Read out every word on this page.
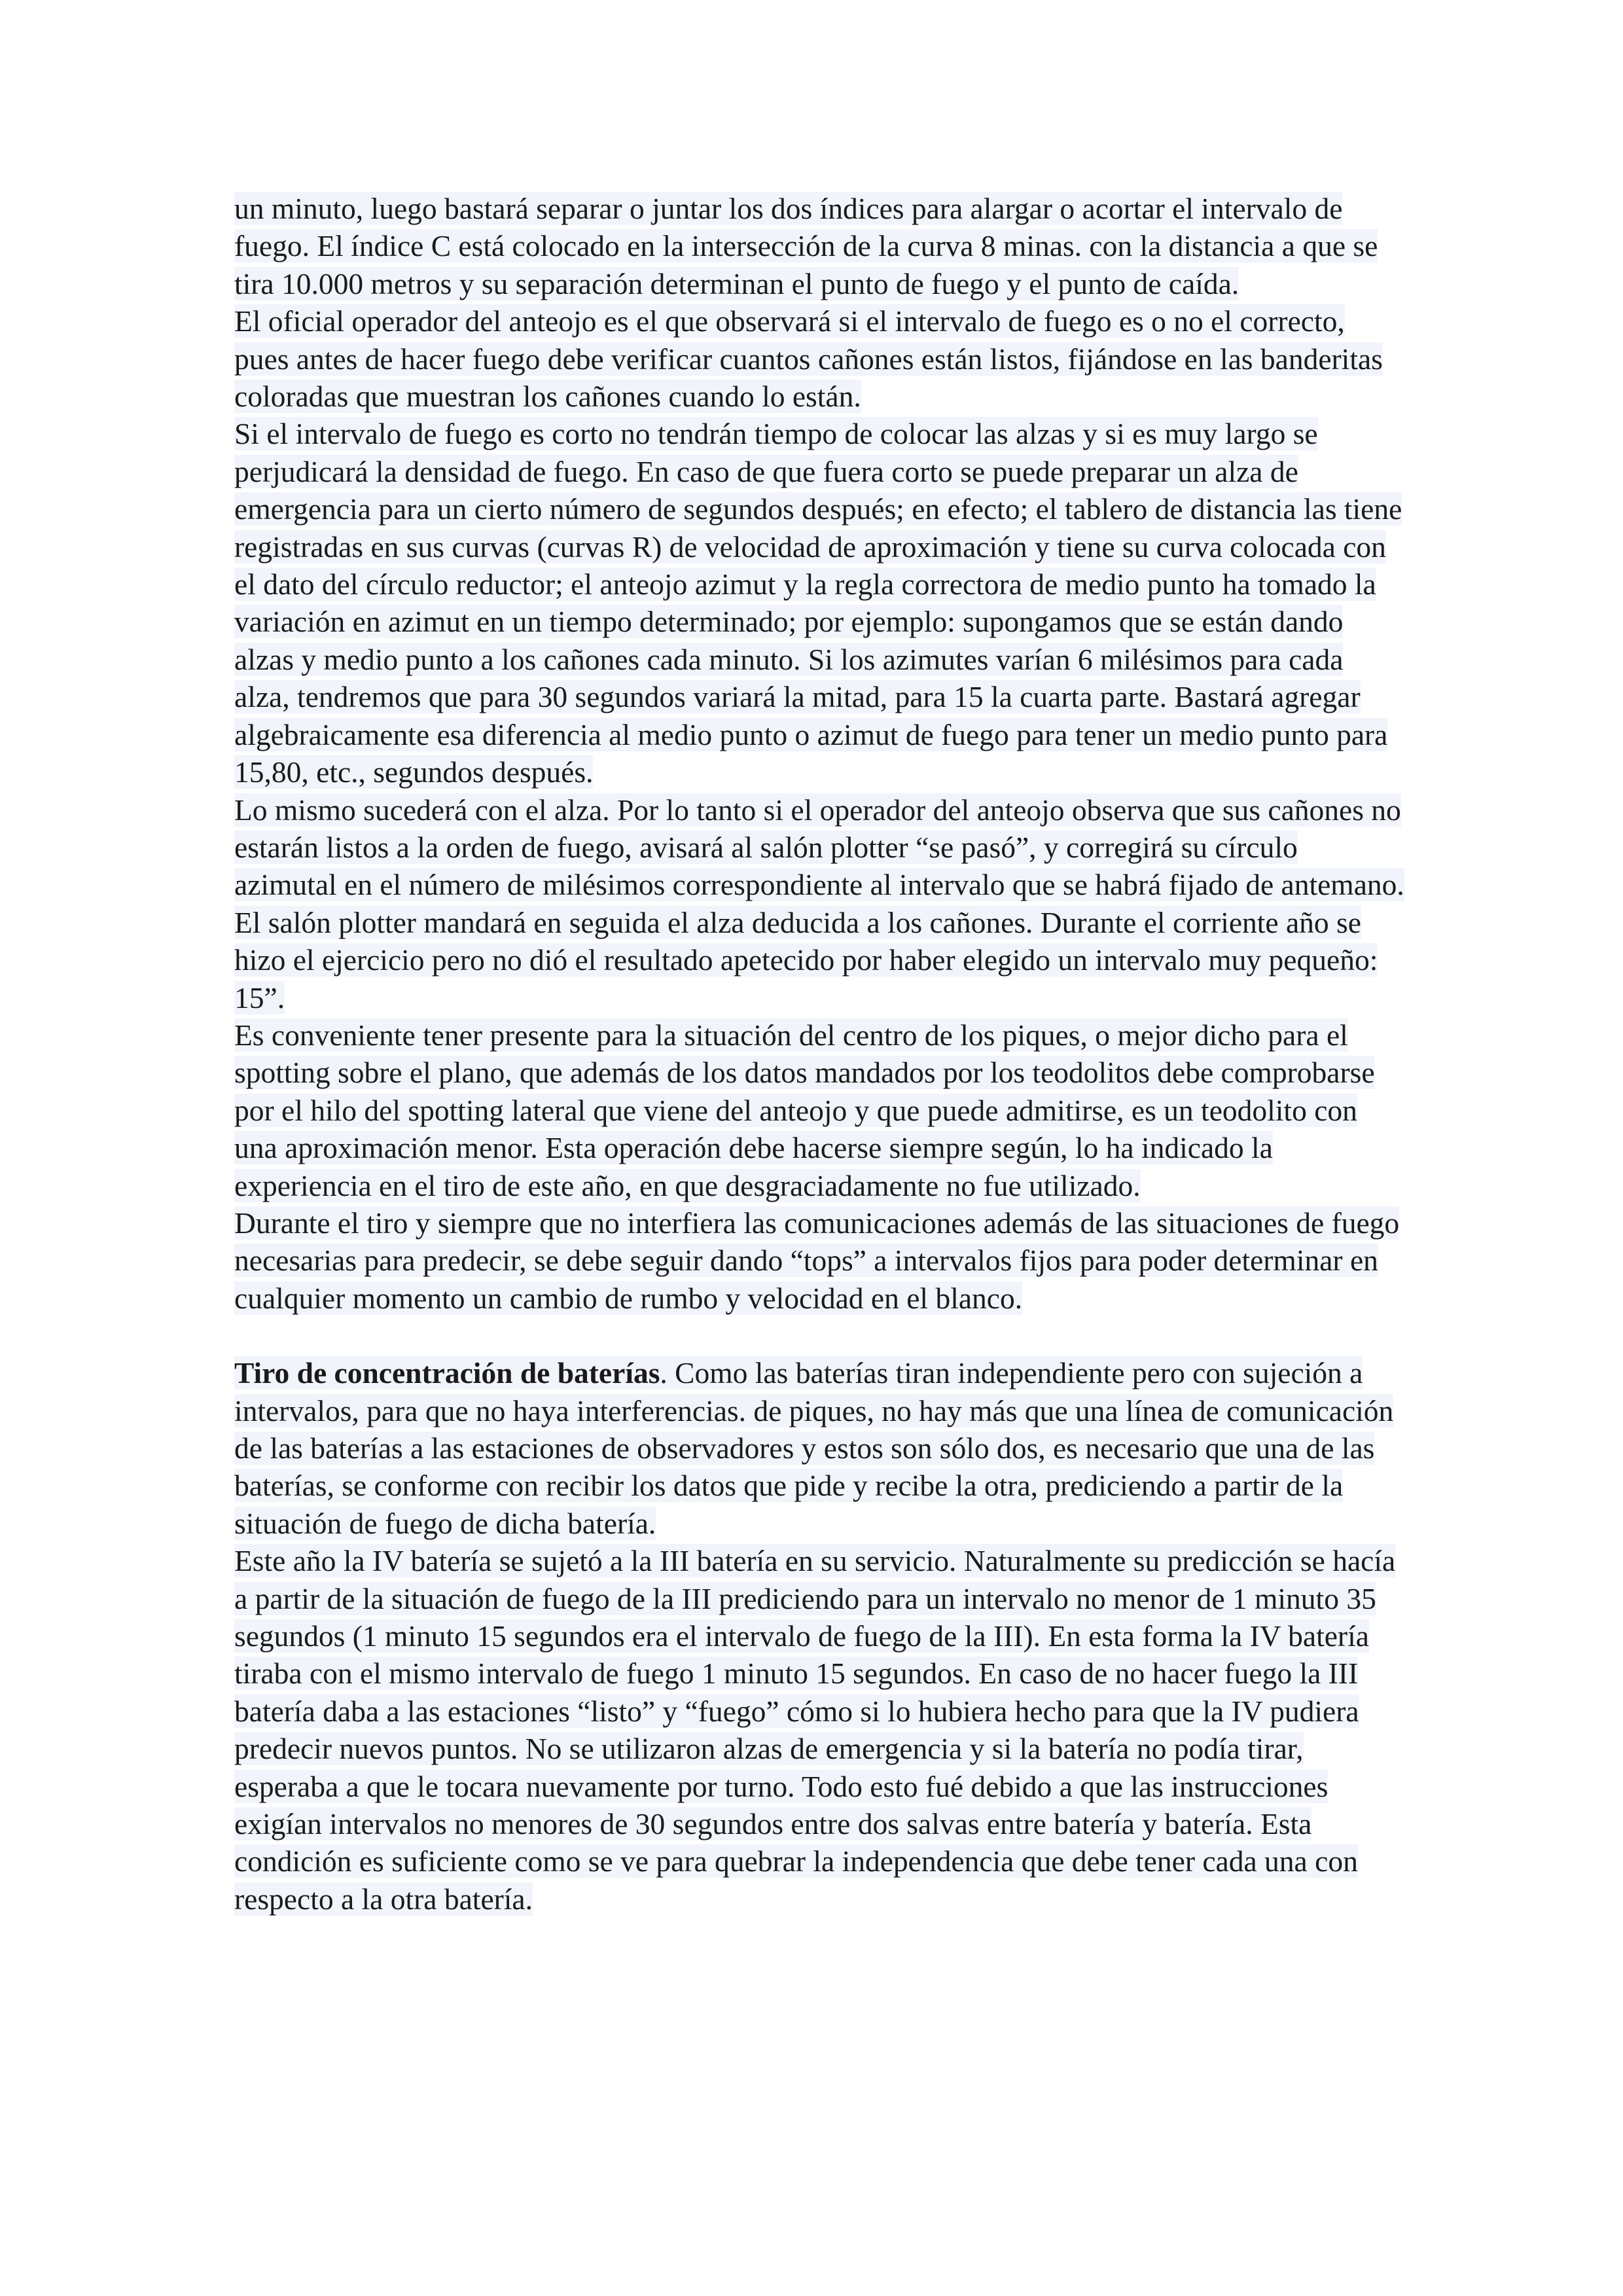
un minuto, luego bastará separar o juntar los dos índices para alargar o acortar el intervalo de fuego. El índice C está colocado en la intersección de la curva 8 minas. con la distancia a que se tira 10.000 metros y su separación determinan el punto de fuego y el punto de caída.

El oficial operador del anteojo es el que observará si el intervalo de fuego es o no el correcto, pues antes de hacer fuego debe verificar cuantos cañones están listos, fijándose en las banderitas coloradas que muestran los cañones cuando lo están.

Si el intervalo de fuego es corto no tendrán tiempo de colocar las alzas y si es muy largo se perjudicará la densidad de fuego. En caso de que fuera corto se puede preparar un alza de emergencia para un cierto número de segundos después; en efecto; el tablero de distancia las tiene registradas en sus curvas (curvas R) de velocidad de aproximación y tiene su curva colocada con el dato del círculo reductor; el anteojo azimut y la regla correctora de medio punto ha tomado la variación en azimut en un tiempo determinado; por ejemplo: supongamos que se están dando alzas y medio punto a los cañones cada minuto. Si los azimutes varían 6 milésimos para cada alza, tendremos que para 30 segundos variará la mitad, para 15 la cuarta parte. Bastará agregar algebraicamente esa diferencia al medio punto o azimut de fuego para tener un medio punto para 15,80, etc., segundos después.

Lo mismo sucederá con el alza. Por lo tanto si el operador del anteojo observa que sus cañones no estarán listos a la orden de fuego, avisará al salón plotter “se pasó”, y corregirá su círculo azimutal en el número de milésimos correspondiente al intervalo que se habrá fijado de antemano. El salón plotter mandará en seguida el alza deducida a los cañones. Durante el corriente año se hizo el ejercicio pero no dió el resultado apetecido por haber elegido un intervalo muy pequeño: 15”.

Es conveniente tener presente para la situación del centro de los piques, o mejor dicho para el spotting sobre el plano, que además de los datos mandados por los teodolitos debe comprobarse por el hilo del spotting lateral que viene del anteojo y que puede admitirse, es un teodolito con una aproximación menor. Esta operación debe hacerse siempre según, lo ha indicado la experiencia en el tiro de este año, en que desgraciadamente no fue utilizado.

Durante el tiro y siempre que no interfiera las comunicaciones además de las situaciones de fuego necesarias para predecir, se debe seguir dando “tops” a intervalos fijos para poder determinar en cualquier momento un cambio de rumbo y velocidad en el blanco.

Tiro de concentración de baterías. Como las baterías tiran independiente pero con sujeción a intervalos, para que no haya interferencias. de piques, no hay más que una línea de comunicación de las baterías a las estaciones de observadores y estos son sólo dos, es necesario que una de las baterías, se conforme con recibir los datos que pide y recibe la otra, prediciendo a partir de la situación de fuego de dicha batería.

Este año la IV batería se sujetó a la III batería en su servicio. Naturalmente su predicción se hacía a partir de la situación de fuego de la III prediciendo para un intervalo no menor de 1 minuto 35 segundos (1 minuto 15 segundos era el intervalo de fuego de la III). En esta forma la IV batería tiraba con el mismo intervalo de fuego 1 minuto 15 segundos. En caso de no hacer fuego la III batería daba a las estaciones “listo” y “fuego” cómo si lo hubiera hecho para que la IV pudiera predecir nuevos puntos. No se utilizaron alzas de emergencia y si la batería no podía tirar, esperaba a que le tocara nuevamente por turno. Todo esto fué debido a que las instrucciones exigían intervalos no menores de 30 segundos entre dos salvas entre batería y batería. Esta condición es suficiente como se ve para quebrar la independencia que debe tener cada una con respecto a la otra batería.
